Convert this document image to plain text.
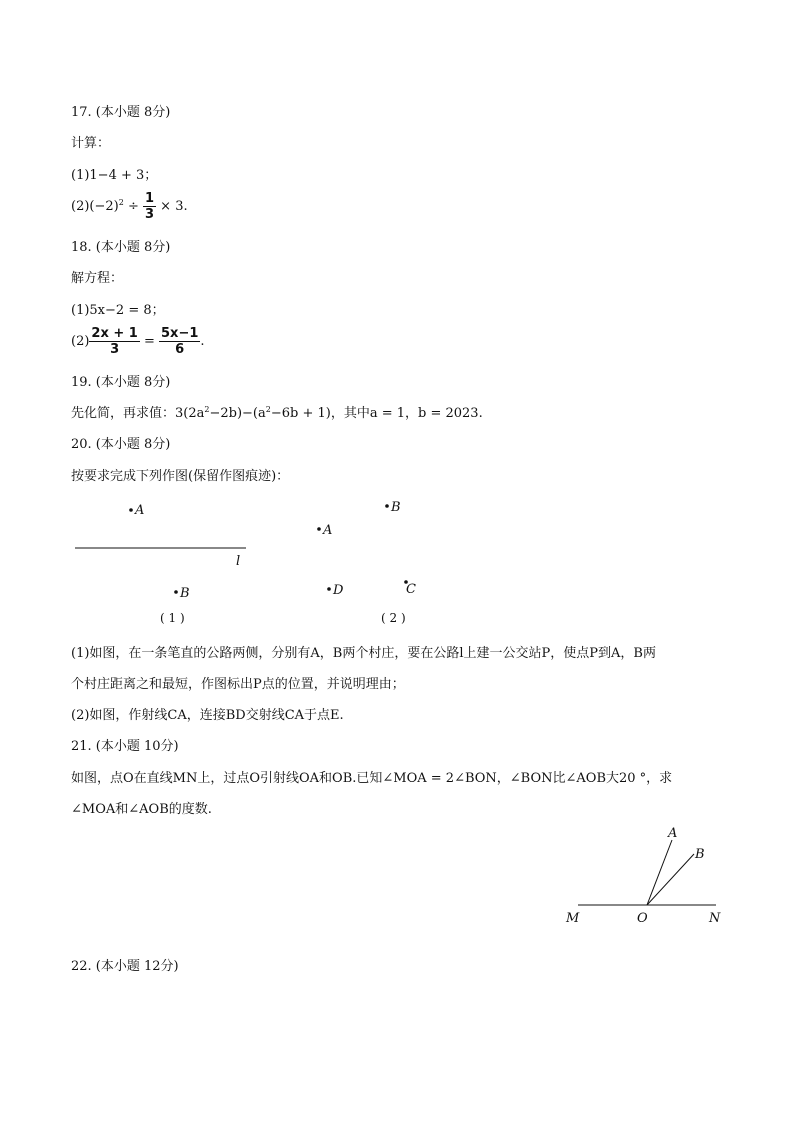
17. (本小题 8分)
计算：
(1)1−4 + 3；
$(2)(-2)^2 \div \frac{1}{3} \times 3$.
18. (本小题 8分)
解方程：
(1)5x−2 = 8；
$(2) \frac{2x + 1}{3} = \frac{5x-1}{6}$ .
19. (本小题 8分)
先化简，再求值：$3(2a^2-2b)-(a^2-6b + 1)$，其中a = 1，b = 2023.
20. (本小题 8分)
按要求完成下列作图(保留作图痕迹)：
A
l
B
( 1 )
B
A
D	C
( 2 )
A
B
M	O	N
(1)如图，在一条笔直的公路两侧，分别有A，B两个村庄，要在公路l上建一公交站P，使点P到A，B两
个村庄距离之和最短，作图标出P点的位置，并说明理由；
(2)如图，作射线CA，连接BD交射线CA于点E.
21. (本小题 10分)
如图，点O在直线MN上，过点O引射线OA和OB.已知∠MOA = 2∠BON，∠BON比∠AOB大20 °，求
∠MOA和∠AOB的度数.
22. (本小题 12分)
